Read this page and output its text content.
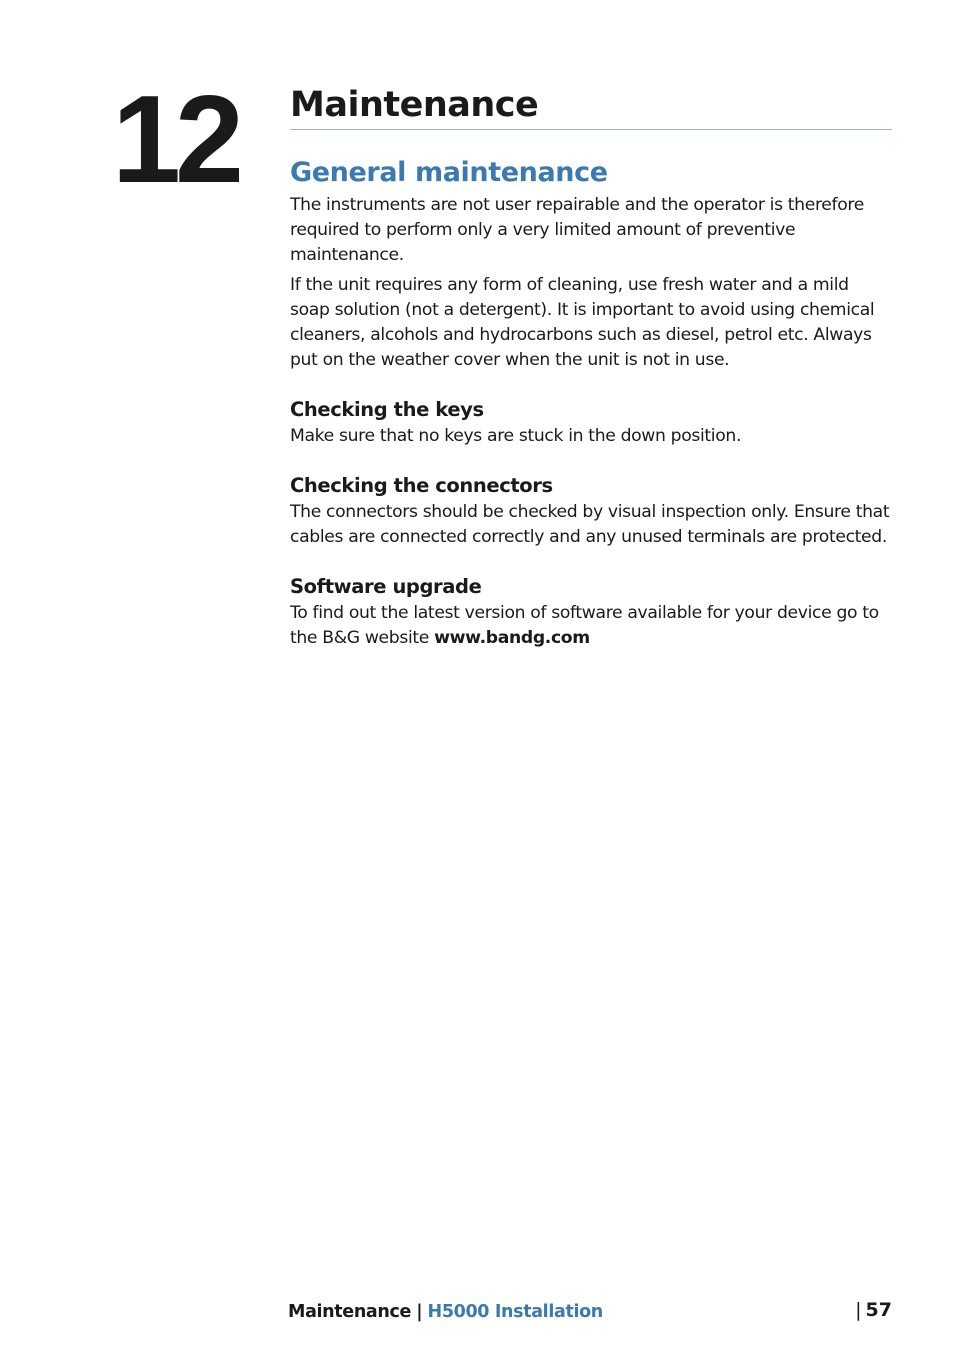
12 Maintenance
General maintenance

The instruments are not user repairable and the operator is therefore required to perform only a very limited amount of preventive maintenance.

If the unit requires any form of cleaning, use fresh water and a mild soap solution (not a detergent). It is important to avoid using chemical cleaners, alcohols and hydrocarbons such as diesel, petrol etc. Always put on the weather cover when the unit is not in use.

Checking the keys

Make sure that no keys are stuck in the down position.

Checking the connectors

The connectors should be checked by visual inspection only. Ensure that cables are connected correctly and any unused terminals are protected.

Software upgrade

To find out the latest version of software available for your device go to the B&G website www.bandg.com

Maintenance | H5000 Installation	| 57
